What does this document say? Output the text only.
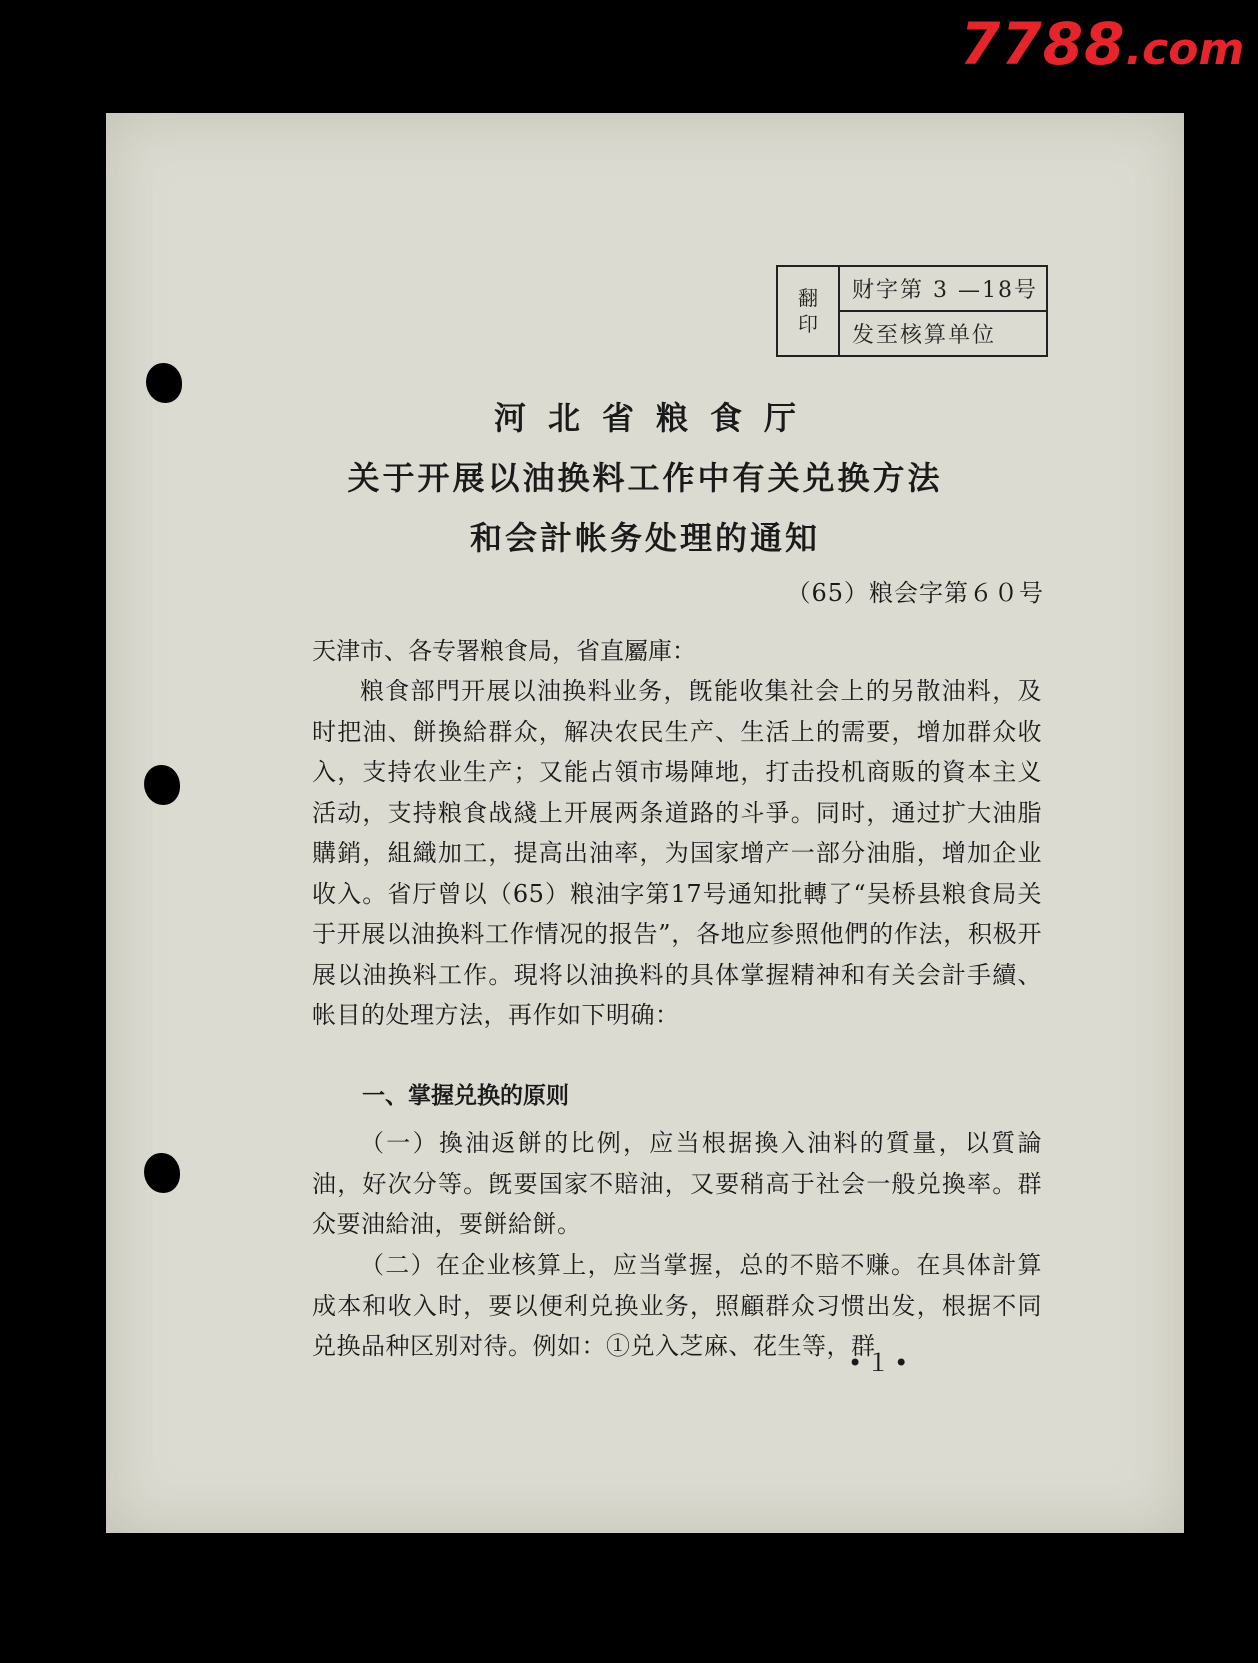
7788.com
翻
印
财字第 3 —18号
发至核算单位
河北省粮食厅
关于开展以油换料工作中有关兑换方法
和会計帐务处理的通知
（65）粮会字第６０号
天津市、各专署粮食局，省直屬庫：
粮食部門开展以油换料业务，旣能收集社会上的另散油料，及时把油、餅換給群众，解决农民生产、生活上的需要，增加群众收入，支持农业生产；又能占領市場陣地，打击投机商販的資本主义活动，支持粮食战綫上开展两条道路的斗爭。同时，通过扩大油脂購銷，組織加工，提高出油率，为国家增产一部分油脂，增加企业收入。省厅曾以（65）粮油字第17号通知批轉了“吴桥县粮食局关于开展以油换料工作情况的报告”，各地应参照他們的作法，积极开展以油换料工作。現将以油换料的具体掌握精神和有关会計手續、帐目的处理方法，再作如下明确：
一、掌握兑换的原则
（一）換油返餅的比例，应当根据換入油料的質量，以質論油，好次分等。旣要国家不賠油，又要稍高于社会一般兑換率。群众要油給油，要餅給餅。
（二）在企业核算上，应当掌握，总的不賠不赚。在具体計算成本和收入时，要以便利兑换业务，照顧群众习惯出发，根据不同兑换品种区别对待。例如：①兑入芝麻、花生等，群
•１•
